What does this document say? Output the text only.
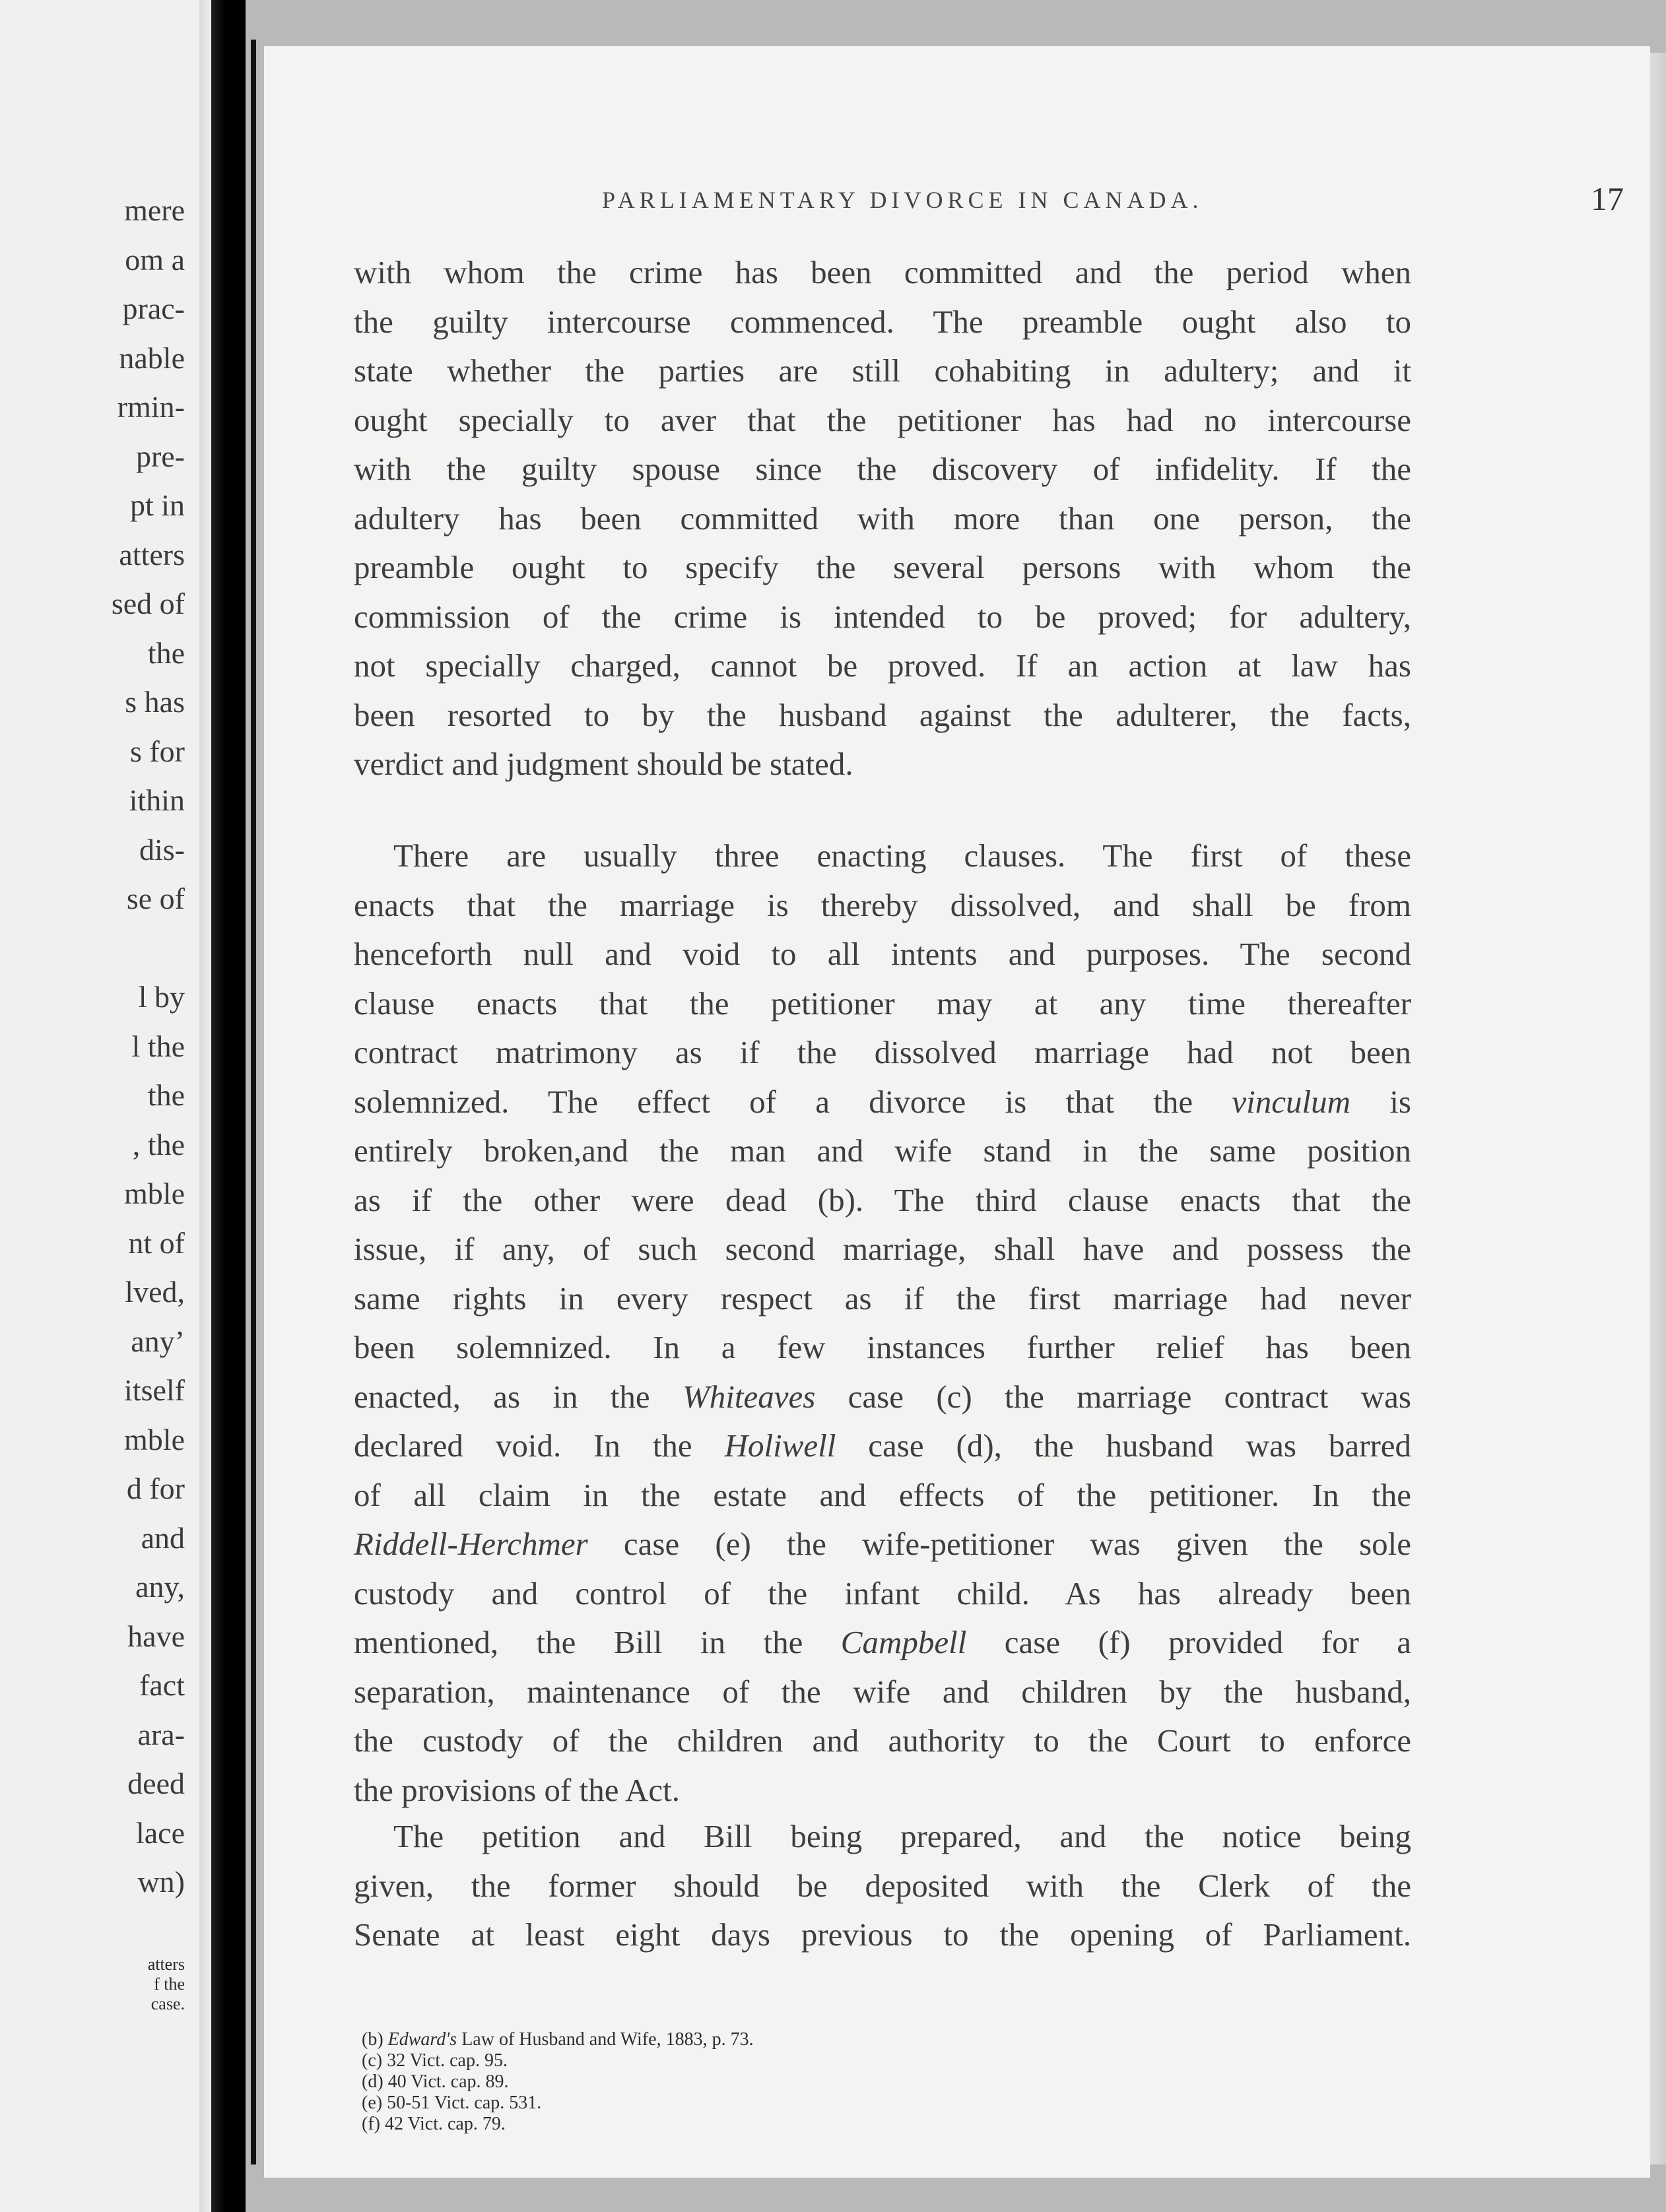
mere
om a
prac-
nable
rmin-
pre-
pt in
atters
sed of
the
s has
s for
ithin
dis-
se of
l by
l the
the
, the
mble
nt of
lved,
any’
itself
mble
d for
and
any,
have
fact
ara-
deed
lace
wn)
atters
f the
case.
PARLIAMENTARY DIVORCE IN CANADA.	17
with whom the crime has been committed and the period when
the guilty intercourse commenced. The preamble ought also to
state whether the parties are still cohabiting in adultery; and it
ought specially to aver that the petitioner has had no intercourse
with the guilty spouse since the discovery of infidelity. If the
adultery has been committed with more than one person, the
preamble ought to specify the several persons with whom the
commission of the crime is intended to be proved; for adultery,
not specially charged, cannot be proved. If an action at law has
been resorted to by the husband against the adulterer, the facts,
verdict and judgment should be stated.
There are usually three enacting clauses. The first of these
enacts that the marriage is thereby dissolved, and shall be from
henceforth null and void to all intents and purposes. The second
clause enacts that the petitioner may at any time thereafter
contract matrimony as if the dissolved marriage had not been
solemnized. The effect of a divorce is that the vinculum is
entirely broken,and the man and wife stand in the same position
as if the other were dead (b). The third clause enacts that the
issue, if any, of such second marriage, shall have and possess the
same rights in every respect as if the first marriage had never
been solemnized. In a few instances further relief has been
enacted, as in the Whiteaves case (c) the marriage contract was
declared void. In the Holiwell case (d), the husband was barred
of all claim in the estate and effects of the petitioner. In the
Riddell-Herchmer case (e) the wife-petitioner was given the sole
custody and control of the infant child. As has already been
mentioned, the Bill in the Campbell case (f) provided for a
separation, maintenance of the wife and children by the husband,
the custody of the children and authority to the Court to enforce
the provisions of the Act.
The petition and Bill being prepared, and the notice being
given, the former should be deposited with the Clerk of the
Senate at least eight days previous to the opening of Parliament.
(b) Edward's Law of Husband and Wife, 1883, p. 73.
(c) 32 Vict. cap. 95.
(d) 40 Vict. cap. 89.
(e) 50-51 Vict. cap. 531.
(f) 42 Vict. cap. 79.
